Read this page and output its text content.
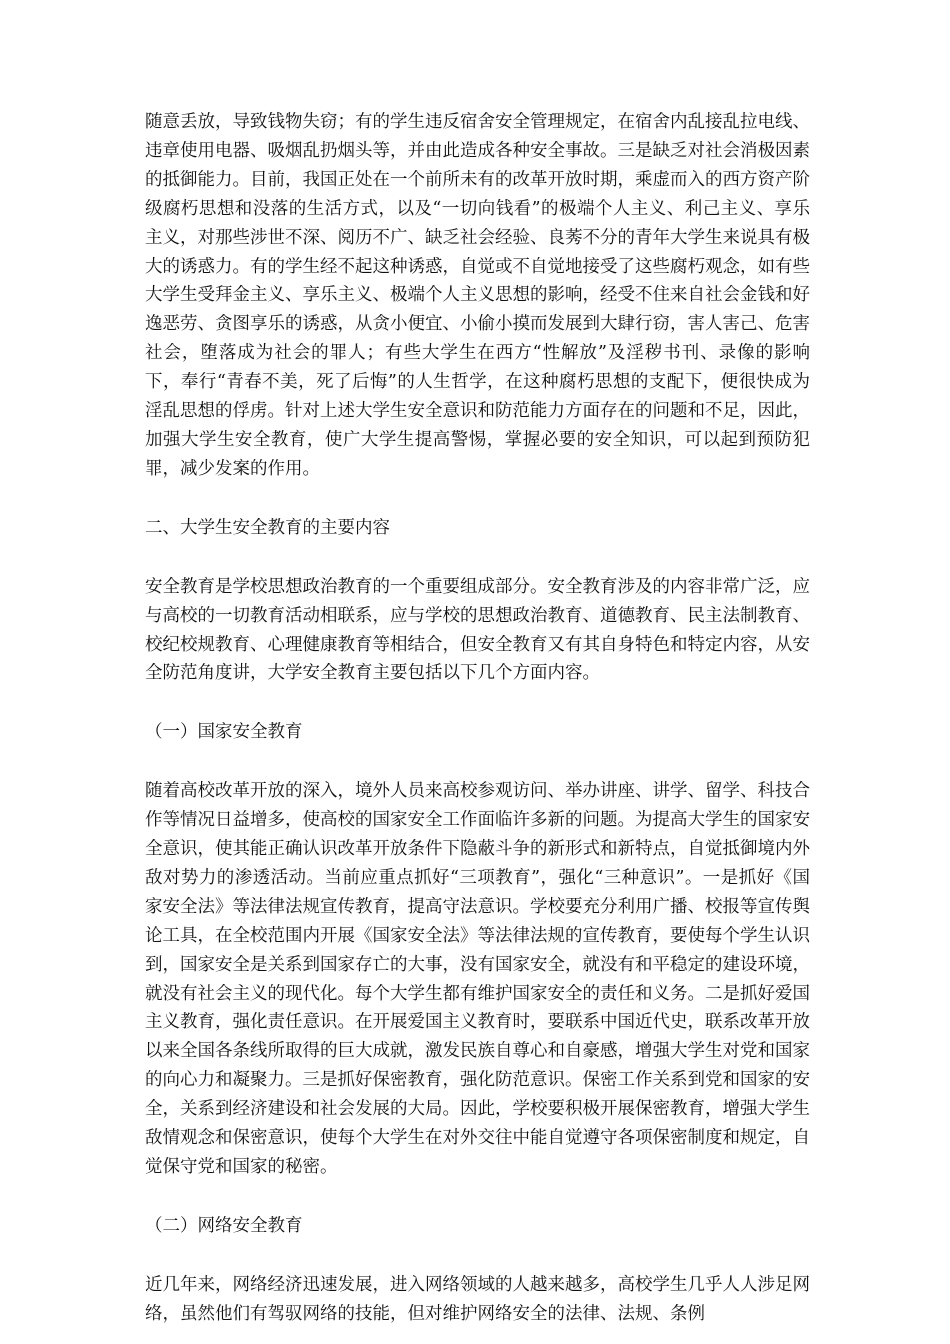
随意丢放，导致钱物失窃；有的学生违反宿舍安全管理规定，在宿舍内乱接乱拉电线、违章使用电器、吸烟乱扔烟头等，并由此造成各种安全事故。三是缺乏对社会消极因素的抵御能力。目前，我国正处在一个前所未有的改革开放时期，乘虚而入的西方资产阶级腐朽思想和没落的生活方式，以及“一切向钱看”的极端个人主义、利己主义、享乐主义，对那些涉世不深、阅历不广、缺乏社会经验、良莠不分的青年大学生来说具有极大的诱惑力。有的学生经不起这种诱惑，自觉或不自觉地接受了这些腐朽观念，如有些大学生受拜金主义、享乐主义、极端个人主义思想的影响，经受不住来自社会金钱和好逸恶劳、贪图享乐的诱惑，从贪小便宜、小偷小摸而发展到大肆行窃，害人害己、危害社会，堕落成为社会的罪人；有些大学生在西方“性解放”及淫秽书刊、录像的影响下，奉行“青春不美，死了后悔”的人生哲学，在这种腐朽思想的支配下，便很快成为淫乱思想的俘虏。针对上述大学生安全意识和防范能力方面存在的问题和不足，因此，加强大学生安全教育，使广大学生提高警惕，掌握必要的安全知识，可以起到预防犯罪，减少发案的作用。

二、大学生安全教育的主要内容

安全教育是学校思想政治教育的一个重要组成部分。安全教育涉及的内容非常广泛，应与高校的一切教育活动相联系，应与学校的思想政治教育、道德教育、民主法制教育、校纪校规教育、心理健康教育等相结合，但安全教育又有其自身特色和特定内容，从安全防范角度讲，大学安全教育主要包括以下几个方面内容。

（一）国家安全教育

随着高校改革开放的深入，境外人员来高校参观访问、举办讲座、讲学、留学、科技合作等情况日益增多，使高校的国家安全工作面临许多新的问题。为提高大学生的国家安全意识，使其能正确认识改革开放条件下隐蔽斗争的新形式和新特点，自觉抵御境内外敌对势力的渗透活动。当前应重点抓好“三项教育”，强化“三种意识”。一是抓好《国家安全法》等法律法规宣传教育，提高守法意识。学校要充分利用广播、校报等宣传舆论工具，在全校范围内开展《国家安全法》等法律法规的宣传教育，要使每个学生认识到，国家安全是关系到国家存亡的大事，没有国家安全，就没有和平稳定的建设环境，就没有社会主义的现代化。每个大学生都有维护国家安全的责任和义务。二是抓好爱国主义教育，强化责任意识。在开展爱国主义教育时，要联系中国近代史，联系改革开放以来全国各条线所取得的巨大成就，激发民族自尊心和自豪感，增强大学生对党和国家的向心力和凝聚力。三是抓好保密教育，强化防范意识。保密工作关系到党和国家的安全，关系到经济建设和社会发展的大局。因此，学校要积极开展保密教育，增强大学生敌情观念和保密意识，使每个大学生在对外交往中能自觉遵守各项保密制度和规定，自觉保守党和国家的秘密。

（二）网络安全教育

近几年来，网络经济迅速发展，进入网络领域的人越来越多，高校学生几乎人人涉足网络，虽然他们有驾驭网络的技能，但对维护网络安全的法律、法规、条例
